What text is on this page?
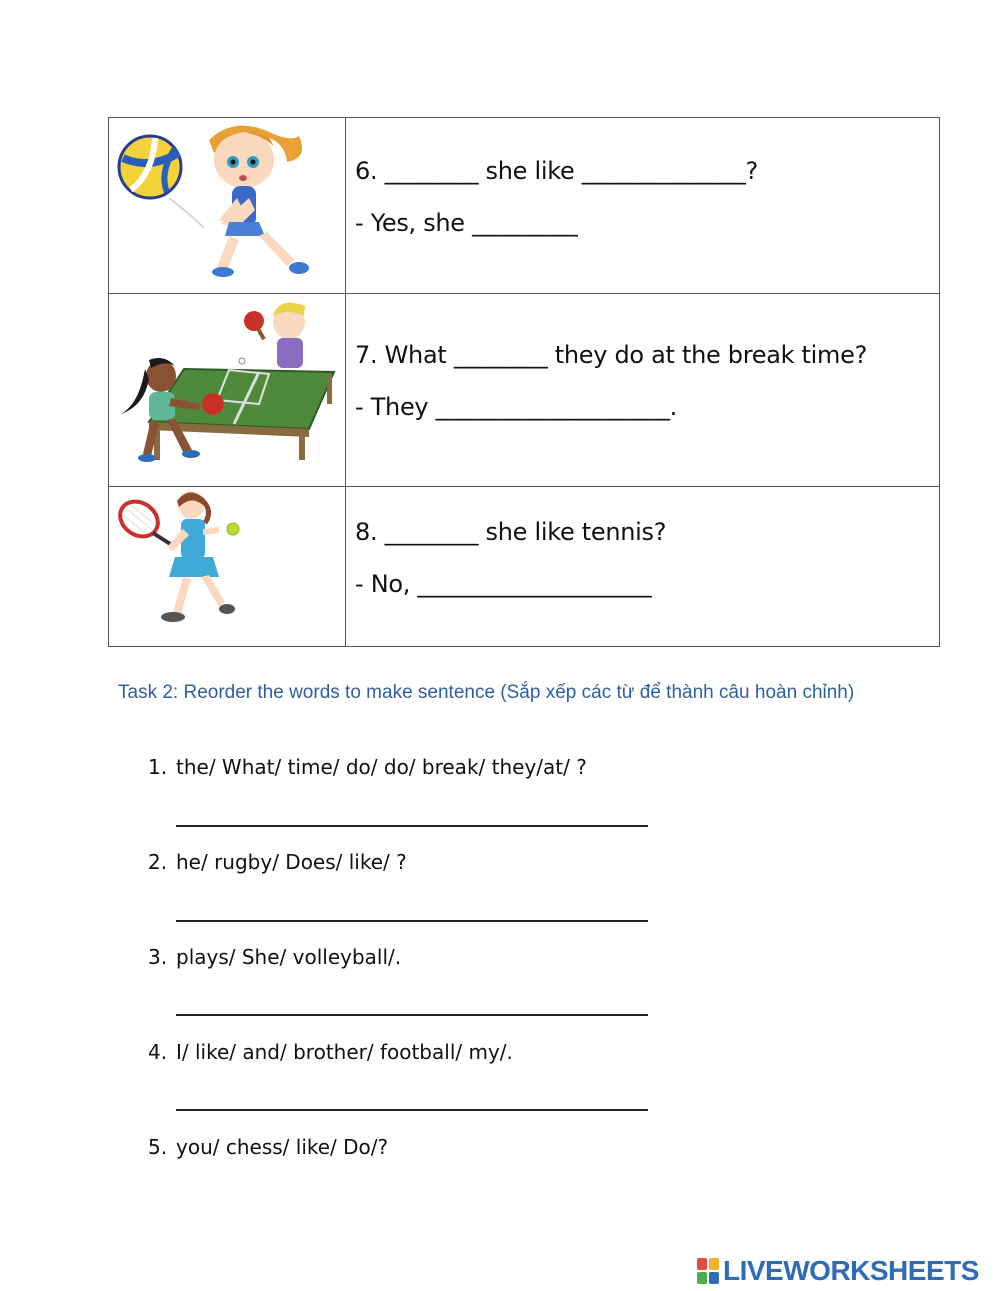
6. ________ she like ______________?
- Yes, she _________

7. What ________ they do at the break time?
- They ____________________.

8. ________ she like tennis?
- No, ____________________
Task 2: Reorder the words to make sentence (Sắp xếp các từ để thành câu hoàn chỉnh)
1. the/ What/ time/ do/ do/ break/ they/at/ ?
2. he/ rugby/ Does/ like/ ?
3. plays/ She/ volleyball/.
4. I/ like/ and/ brother/ football/ my/.
5. you/ chess/ like/ Do/?
LIVEWORKSHEETS
